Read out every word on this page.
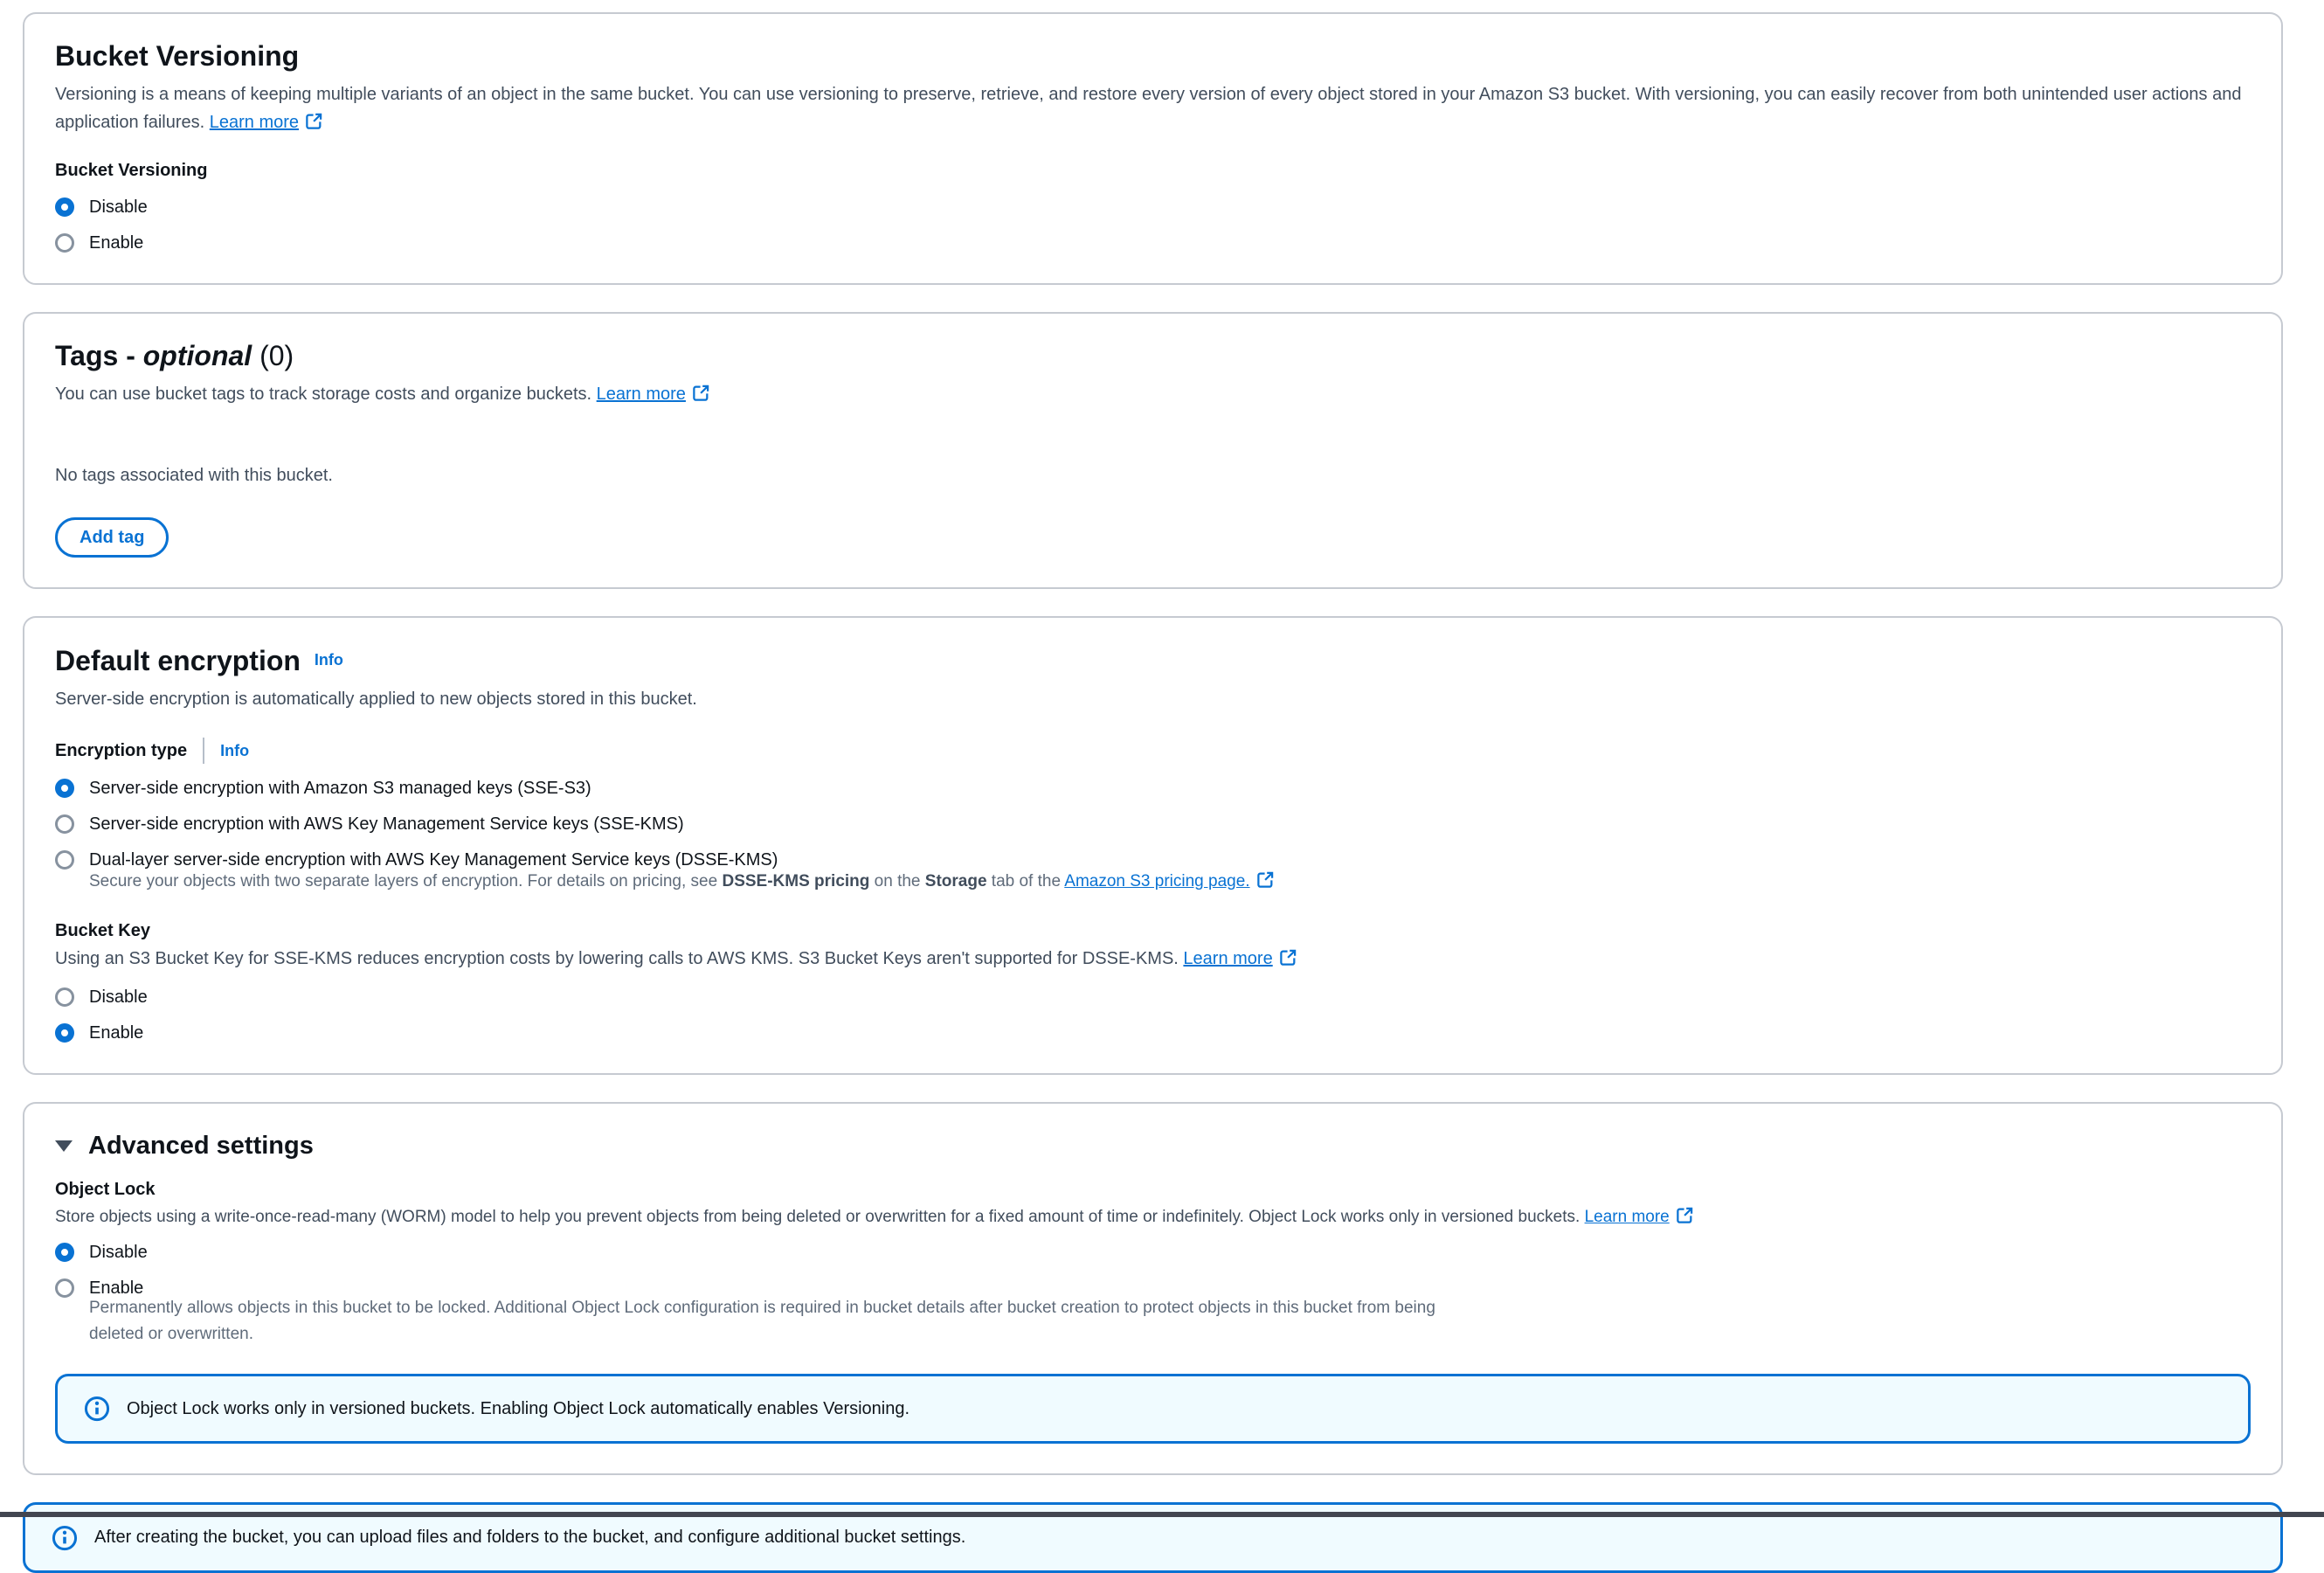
Bucket Versioning

Versioning is a means of keeping multiple variants of an object in the same bucket. You can use versioning to preserve, retrieve, and restore every version of every object stored in your Amazon S3 bucket. With versioning, you can easily recover from both unintended user actions and application failures. Learn more

Bucket Versioning
Disable
Enable
Tags - optional (0)

You can use bucket tags to track storage costs and organize buckets. Learn more

No tags associated with this bucket.
Add tag
Default encryption Info

Server-side encryption is automatically applied to new objects stored in this bucket.

Encryption type Info
Server-side encryption with Amazon S3 managed keys (SSE-S3)
Server-side encryption with AWS Key Management Service keys (SSE-KMS)
Dual-layer server-side encryption with AWS Key Management Service keys (DSSE-KMS)
Secure your objects with two separate layers of encryption. For details on pricing, see DSSE-KMS pricing on the Storage tab of the Amazon S3 pricing page.
Bucket Key

Using an S3 Bucket Key for SSE-KMS reduces encryption costs by lowering calls to AWS KMS. S3 Bucket Keys aren't supported for DSSE-KMS. Learn more

Disable
Enable
Advanced settings
Object Lock

Store objects using a write-once-read-many (WORM) model to help you prevent objects from being deleted or overwritten for a fixed amount of time or indefinitely. Object Lock works only in versioned buckets. Learn more

Disable
Enable
Permanently allows objects in this bucket to be locked. Additional Object Lock configuration is required in bucket details after bucket creation to protect objects in this bucket from being deleted or overwritten.
Object Lock works only in versioned buckets. Enabling Object Lock automatically enables Versioning.
After creating the bucket, you can upload files and folders to the bucket, and configure additional bucket settings.
